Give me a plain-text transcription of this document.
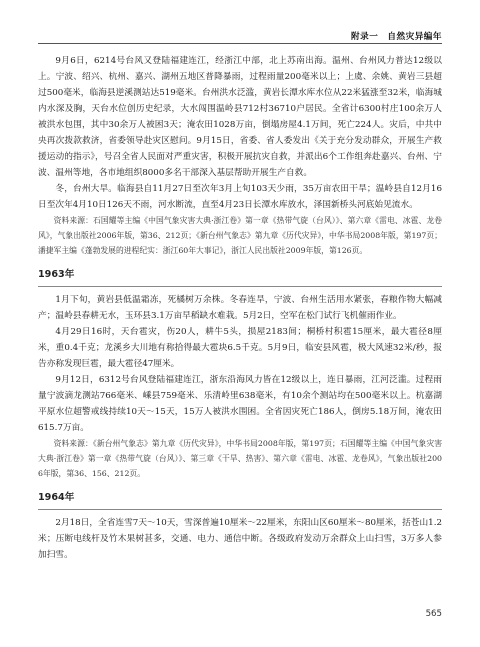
附录一　自然灾异编年

9月6日，6214号台风又登陆福建连江，经浙江中部，北上苏南出海。温州、台州风力普达12级以上。宁波、绍兴、杭州、嘉兴、湖州五地区普降暴雨，过程雨量200毫米以上；上虞、余姚、黄岩三县超过500毫米，临海县逆溪测站达519毫米。台州洪水泛滥，黄岩长潭水库水位从22米猛涨至32米，临海城内水深及胸，天台水位创历史纪录，大水闯围温岭县712村36710户居民。全省计6300村庄100余万人被洪水包围，其中30余万人被困3天；淹农田1028万亩，倒塌房屋4.1万间，死亡224人。灾后，中共中央再次拨款救济，省委领导赴灾区慰问。9月15日，省委、省人委发出《关于充分发动群众，开展生产救援运动的指示》，号召全省人民面对严重灾害，积极开展抗灾自救，并派出6个工作组奔赴嘉兴、台州、宁波、温州等地，各市地组织8000多名干部深入基层帮助开展生产自救。

冬，台州大旱。临海县自11月27日至次年3月上旬103天少雨，35万亩农田干旱；温岭县自12月16日至次年4月10日126天不雨，河水断流，直至4月23日长潭水库放水，泽国新桥头河底始见流水。

资料来源：石国耀等主编《中国气象灾害大典·浙江卷》第一章《热带气旋（台风）》、第六章《雷电、冰雹、龙卷风》，气象出版社2006年版，第36、212页；《新台州气象志》第九章《历代灾异》，中华书局2008年版，第197页；潘捷军主编《蓬勃发展的进程纪实：浙江60年大事记》，浙江人民出版社2009年版，第126页。

1963年

1月下旬，黄岩县低温霜冻，死橘树万余株。冬春连旱，宁波、台州生活用水紧张，春粮作物大幅减产；温岭县春耕无水，玉环县3.1万亩早稻缺水难栽。5月2日，空军在松门试行飞机催雨作业。

4月29日16时，天台雹灾，伤20人，耕牛5头，损屋2183间；桐桥村积雹15厘米，最大雹径8厘米，重0.4千克；龙溪乡大川地有称拾得最大雹块6.5千克。5月9日，临安县风雹，极大风速32米/秒，报告亦称发现巨雹，最大雹径47厘米。

9月12日，6312号台风登陆福建连江，浙东沿海风力皆在12级以上，连日暴雨，江河泛滥。过程雨量宁波滴龙测站766毫米、嵊县759毫米、乐清岭里638毫米，有10余个测站均在500毫米以上。杭嘉湖平原水位超警戒线持续10天～15天，15万人被洪水围困。全省因灾死亡186人，倒房5.18万间，淹农田615.7万亩。

资料来源：《新台州气象志》第九章《历代灾异》，中华书局2008年版，第197页；石国耀等主编《中国气象灾害大典·浙江卷》第一章《热带气旋（台风）》、第三章《干旱、热害》、第六章《雷电、冰雹、龙卷风》，气象出版社2006年版，第36、156、212页。

1964年

2月18日，全省连雪7天～10天，雪深普遍10厘米～22厘米，东阳山区60厘米～80厘米，括苍山1.2米；压断电线杆及竹木果树甚多，交通、电力、通信中断。各级政府发动万余群众上山扫雪，3万多人参加扫雪。

565
